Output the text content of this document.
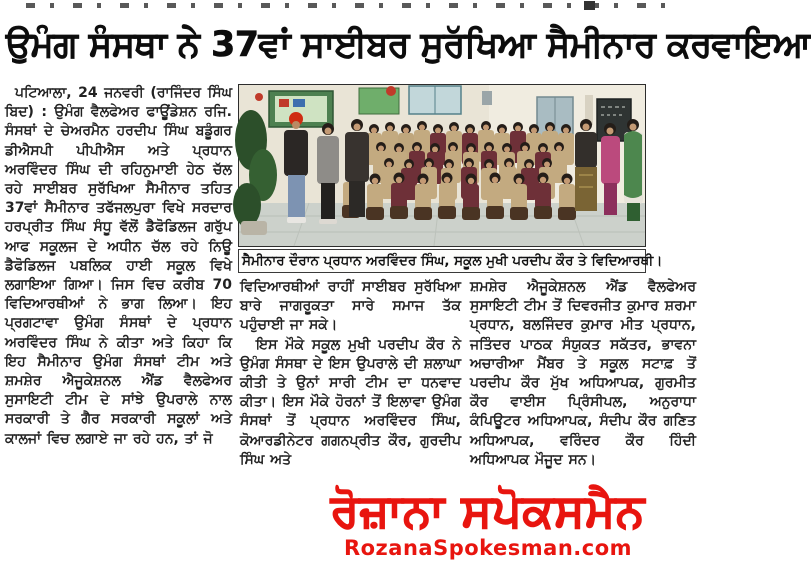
ਉਮੰਗ ਸੰਸਥਾ ਨੇ 37ਵਾਂ ਸਾਈਬਰ ਸੁਰੱਖਿਆ ਸੈਮੀਨਾਰ ਕਰਵਾਇਆ

ਪਟਿਆਲਾ, 24 ਜਨਵਰੀ (ਰਾਜਿੰਦਰ ਸਿੰਘ ਬਿਦ) : ਉਮੰਗ ਵੈਲਫੇਅਰ ਫਾਊਂਡੇਸ਼ਨ ਰਜਿ. ਸੰਸਥਾਂ ਦੇ ਚੇਅਰਮੈਨ ਹਰਦੀਪ ਸਿੰਘ ਬਡੂੰਗਰ ਡੀਐਸਪੀ ਪੀਪੀਐਸ ਅਤੇ ਪ੍ਰਧਾਨ ਅਰਵਿੰਦਰ ਸਿੰਘ ਦੀ ਰਹਿਨੁਮਾਈ ਹੇਠ ਚੱਲ ਰਹੇ ਸਾਈਬਰ ਸੁਰੱਖਿਆ ਸੈਮੀਨਾਰ ਤਹਿਤ 37ਵਾਂ ਸੈਮੀਨਾਰ ਤਫੱਜਲਪੁਰਾ ਵਿਖੇ ਸਰਦਾਰ ਹਰਪ੍ਰੀਤ ਸਿੰਘ ਸੰਧੂ ਵੱਲੋਂ ਡੈਫੋਡਿਲਜ ਗਰੁੱਪ ਆਫ ਸਕੂਲਜ ਦੇ ਅਧੀਨ ਚੱਲ ਰਹੇ ਨਿਊ ਡੈਫੋਡਿਲਜ ਪਬਲਿਕ ਹਾਈ ਸਕੂਲ ਵਿਖੇ ਲਗਾਇਆ ਗਿਆ। ਜਿਸ ਵਿਚ ਕਰੀਬ 70 ਵਿਦਿਆਰਥੀਆਂ ਨੇ ਭਾਗ ਲਿਆ। ਇਹ ਪ੍ਰਗਟਾਵਾ ਉਮੰਗ ਸੰਸਥਾਂ ਦੇ ਪ੍ਰਧਾਨ ਅਰਵਿੰਦਰ ਸਿੰਘ ਨੇ ਕੀਤਾ ਅਤੇ ਕਿਹਾ ਕਿ ਇਹ ਸੈਮੀਨਾਰ ਉਮੰਗ ਸੰਸਥਾਂ ਟੀਮ ਅਤੇ ਸ਼ਮਸ਼ੇਰ ਐਜੂਕੇਸ਼ਨਲ ਐਂਡ ਵੈਲਫੇਅਰ ਸੁਸਾਇਟੀ ਟੀਮ ਦੇ ਸਾਂਝੇ ਉਪਰਾਲੇ ਨਾਲ ਸਰਕਾਰੀ ਤੇ ਗੈਰ ਸਰਕਾਰੀ ਸਕੂਲਾਂ ਅਤੇ ਕਾਲਜਾਂ ਵਿਚ ਲਗਾਏ ਜਾ ਰਹੇ ਹਨ, ਤਾਂ ਜੋ

ਸੈਮੀਨਾਰ ਦੌਰਾਨ ਪ੍ਰਧਾਨ ਅਰਵਿੰਦਰ ਸਿੰਘ, ਸਕੂਲ ਮੁਖੀ ਪਰਦੀਪ ਕੌਰ ਤੇ ਵਿਦਿਆਰਥੀ।

ਵਿਦਿਆਰਥੀਆਂ ਰਾਹੀਂ ਸਾਈਬਰ ਸੁਰੱਖਿਆ ਬਾਰੇ ਜਾਗਰੂਕਤਾ ਸਾਰੇ ਸਮਾਜ ਤੱਕ ਪਹੁੰਚਾਈ ਜਾ ਸਕੇ।

ਇਸ ਮੌਕੇ ਸਕੂਲ ਮੁਖੀ ਪਰਦੀਪ ਕੌਰ ਨੇ ਉਮੰਗ ਸੰਸਥਾ ਦੇ ਇਸ ਉਪਰਾਲੇ ਦੀ ਸ਼ਲਾਘਾ ਕੀਤੀ ਤੇ ਉਨਾਂ ਸਾਰੀ ਟੀਮ ਦਾ ਧਨਵਾਦ ਕੀਤਾ। ਇਸ ਮੌਕੇ ਹੋਰਨਾਂ ਤੋਂ ਇਲਾਵਾ ਉਮੰਗ ਸੰਸਥਾਂ ਤੋਂ ਪ੍ਰਧਾਨ ਅਰਵਿੰਦਰ ਸਿੰਘ, ਕੋਆਰਡੀਨੇਟਰ ਗਗਨਪ੍ਰੀਤ ਕੌਰ, ਗੁਰਦੀਪ ਸਿੰਘ ਅਤੇ

ਸ਼ਮਸ਼ੇਰ ਐਜੂਕੇਸ਼ਨਲ ਐਂਡ ਵੈਲਫੇਅਰ ਸੁਸਾਇਟੀ ਟੀਮ ਤੋਂ ਦਿਵਰਜੀਤ ਕੁਮਾਰ ਸ਼ਰਮਾ ਪ੍ਰਧਾਨ, ਬਲਜਿੰਦਰ ਕੁਮਾਰ ਮੀਤ ਪ੍ਰਧਾਨ, ਜਤਿੰਦਰ ਪਾਠਕ ਸੰਯੁਕਤ ਸਕੱਤਰ, ਭਾਵਨਾ ਅਚਾਰੀਆ ਮੈਂਬਰ ਤੇ ਸਕੂਲ ਸਟਾਫ਼ ਤੋਂ ਪਰਦੀਪ ਕੌਰ ਮੁੱਖ ਅਧਿਆਪਕ, ਗੁਰਮੀਤ ਕੌਰ ਵਾਈਸ ਪ੍ਰਿੰਸੀਪਲ, ਅਨੁਰਾਧਾ ਕੰਪਿਊਟਰ ਅਧਿਆਪਕ, ਸੰਦੀਪ ਕੌਰ ਗਣਿਤ ਅਧਿਆਪਕ, ਵਰਿੰਦਰ ਕੌਰ ਹਿੰਦੀ ਅਧਿਆਪਕ ਮੌਜੂਦ ਸਨ।

ਰੋਜ਼ਾਨਾ ਸਪੋਕਸਮੈਨ
RozanaSpokesman.com
